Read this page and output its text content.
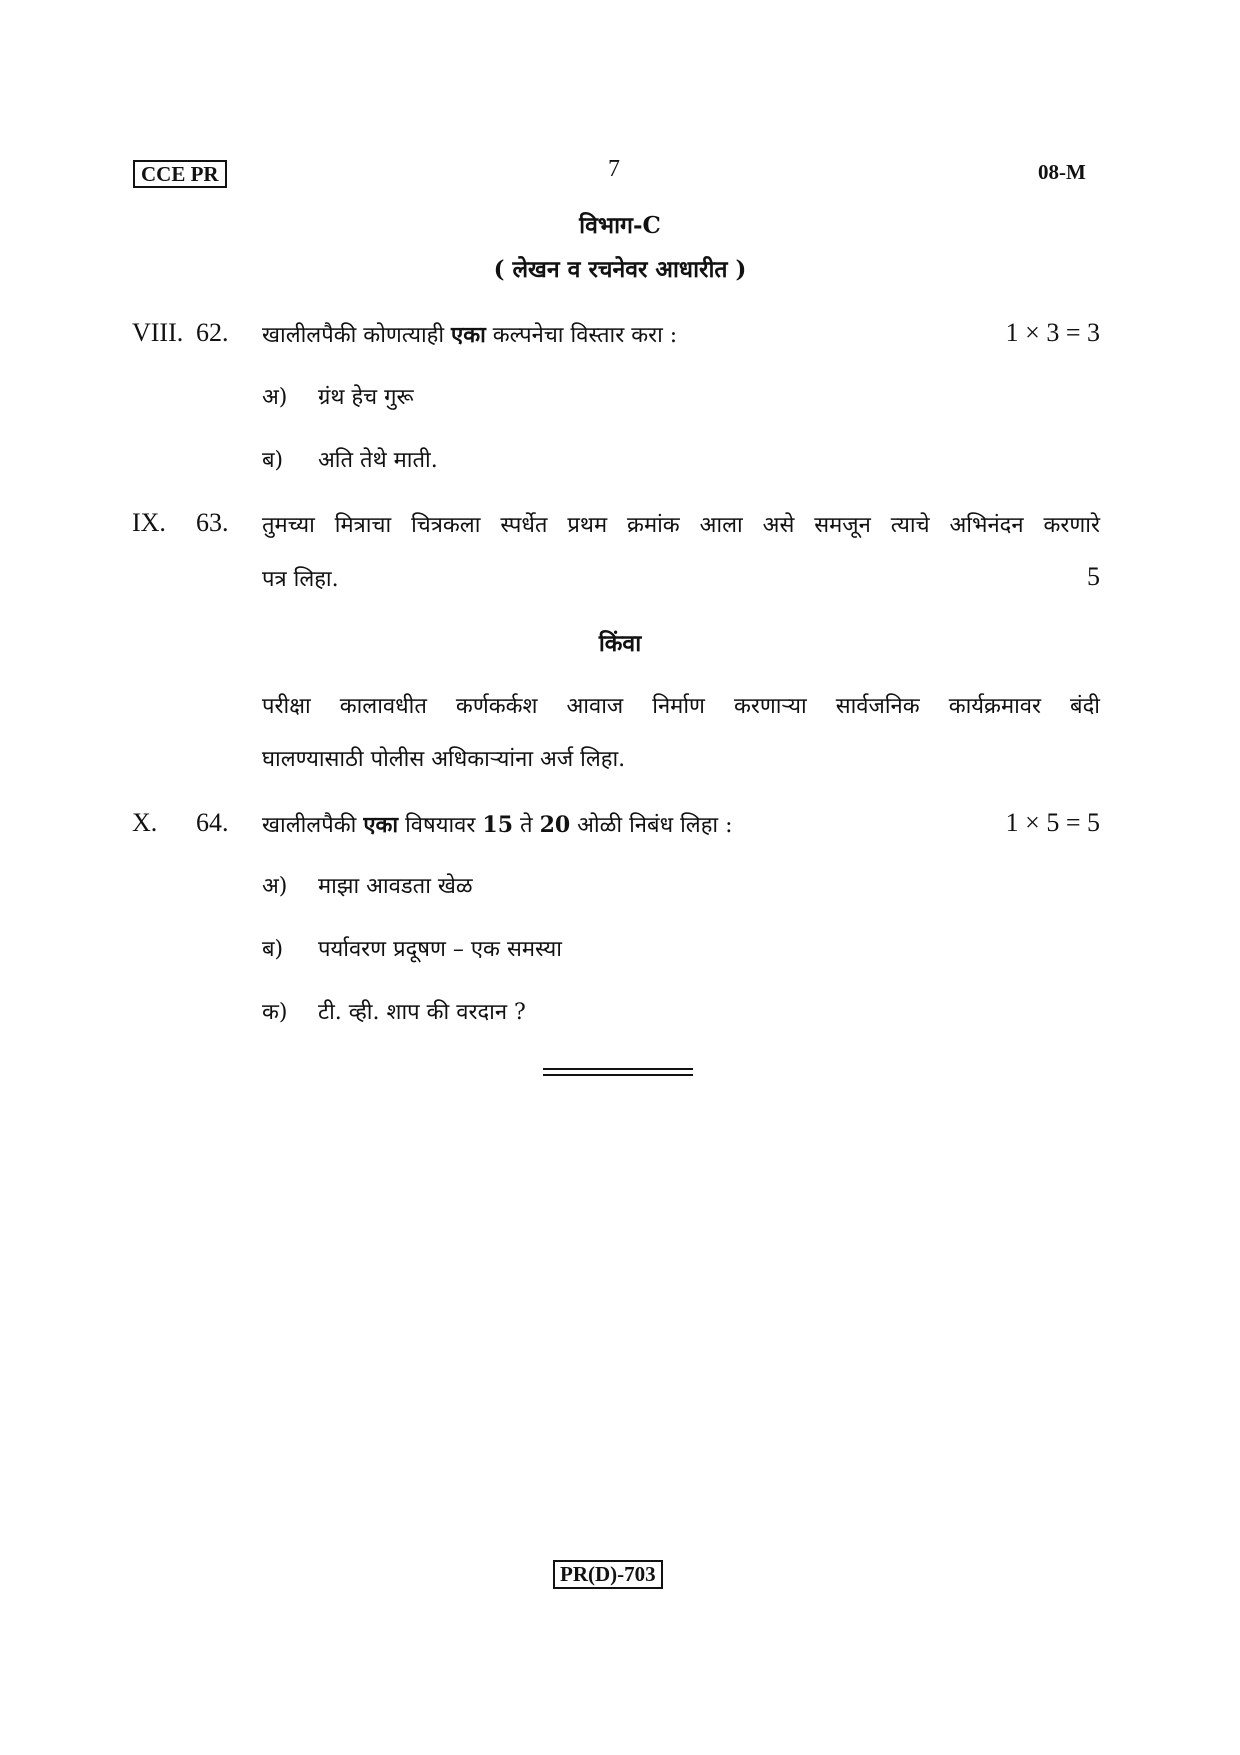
CCE PR	7	08-M
विभाग-C
( लेखन व रचनेवर आधारीत )
VIII. 62. खालीलपैकी कोणत्याही एका कल्पनेचा विस्तार करा :	1 × 3 = 3
अ) ग्रंथ हेच गुरू
ब) अति तेथे माती.
IX. 63. तुमच्या मित्राचा चित्रकला स्पर्धेत प्रथम क्रमांक आला असे समजून त्याचे अभिनंदन करणारे
पत्र लिहा.	5
किंवा
परीक्षा कालावधीत कर्णकर्कश आवाज निर्माण करणाऱ्या सार्वजनिक कार्यक्रमावर बंदी
घालण्यासाठी पोलीस अधिकाऱ्यांना अर्ज लिहा.
X. 64. खालीलपैकी एका विषयावर 15 ते 20 ओळी निबंध लिहा :	1 × 5 = 5
अ) माझा आवडता खेळ
ब) पर्यावरण प्रदूषण – एक समस्या
क) टी. व्ही. शाप की वरदान ?
PR(D)-703
